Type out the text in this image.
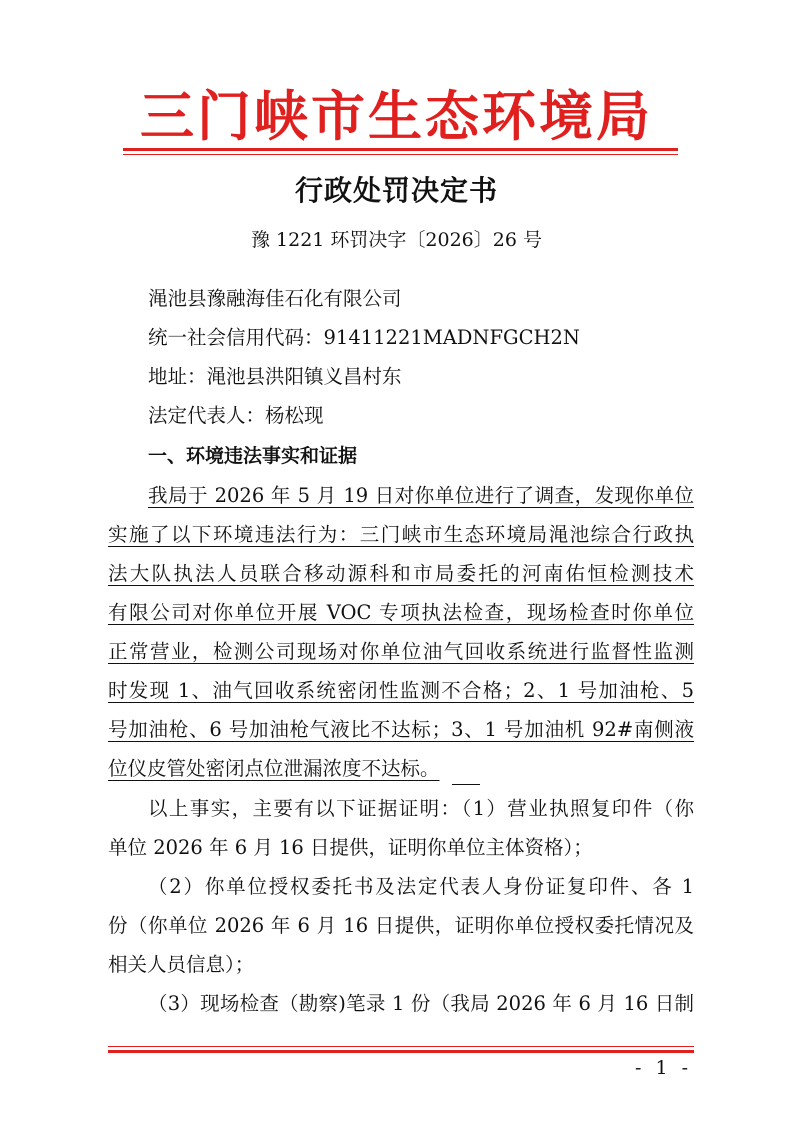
三门峡市生态环境局
行政处罚决定书
豫 1221 环罚决字〔2026〕26 号
渑池县豫融海佳石化有限公司
统一社会信用代码：91411221MADNFGCH2N
地址：渑池县洪阳镇义昌村东
法定代表人：杨松现
一、环境违法事实和证据
我局于 2026 年 5 月 19 日对你单位进行了调查，发现你单位
实施了以下环境违法行为：三门峡市生态环境局渑池综合行政执
法大队执法人员联合移动源科和市局委托的河南佑恒检测技术
有限公司对你单位开展 VOC 专项执法检查，现场检查时你单位
正常营业，检测公司现场对你单位油气回收系统进行监督性监测
时发现 1、油气回收系统密闭性监测不合格；2、1 号加油枪、5
号加油枪、6 号加油枪气液比不达标；3、1 号加油机 92#南侧液
位仪皮管处密闭点位泄漏浓度不达标。
以上事实，主要有以下证据证明：（1）营业执照复印件（你
单位 2026 年 6 月 16 日提供，证明你单位主体资格）；
（2）你单位授权委托书及法定代表人身份证复印件、各 1
份（你单位 2026 年 6 月 16 日提供，证明你单位授权委托情况及
相关人员信息）；
（3）现场检查（勘察)笔录 1 份（我局 2026 年 6 月 16 日制
- 1 -
